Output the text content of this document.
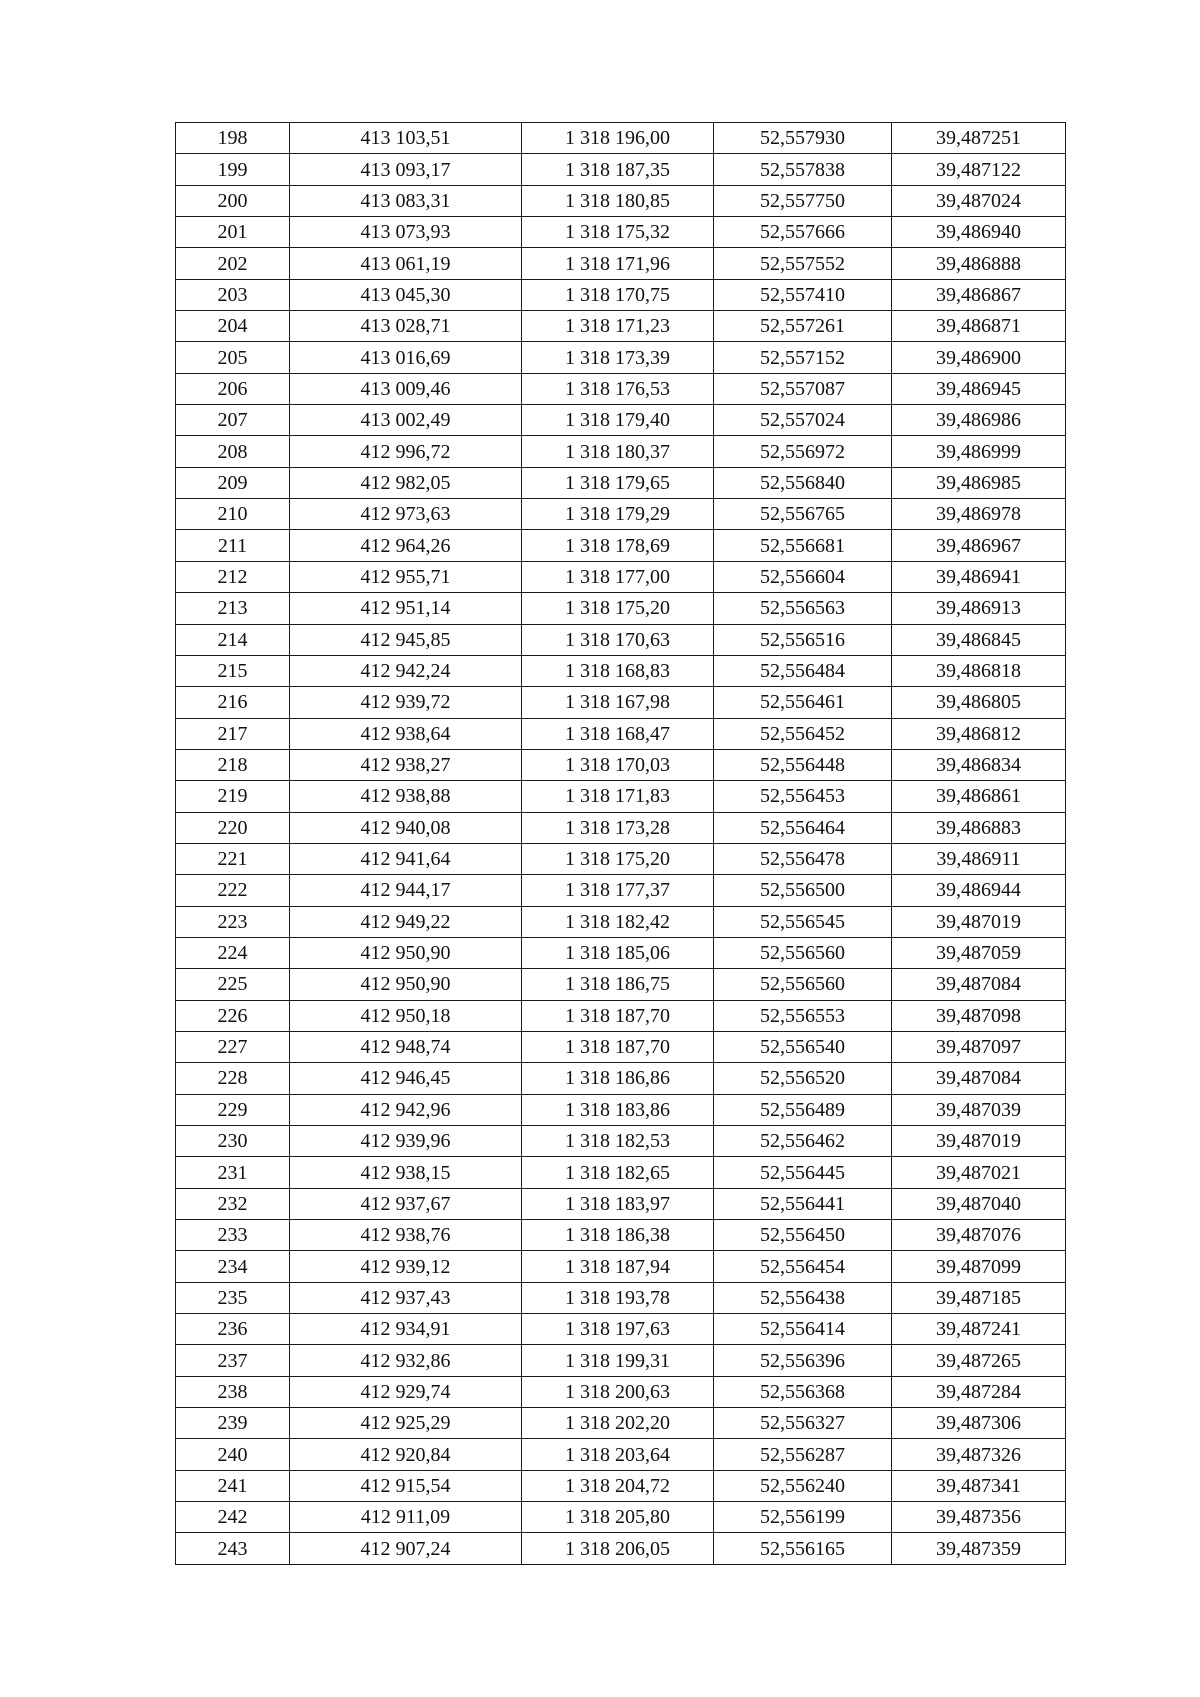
198	413 103,51	1 318 196,00	52,557930	39,487251
199	413 093,17	1 318 187,35	52,557838	39,487122
200	413 083,31	1 318 180,85	52,557750	39,487024
201	413 073,93	1 318 175,32	52,557666	39,486940
202	413 061,19	1 318 171,96	52,557552	39,486888
203	413 045,30	1 318 170,75	52,557410	39,486867
204	413 028,71	1 318 171,23	52,557261	39,486871
205	413 016,69	1 318 173,39	52,557152	39,486900
206	413 009,46	1 318 176,53	52,557087	39,486945
207	413 002,49	1 318 179,40	52,557024	39,486986
208	412 996,72	1 318 180,37	52,556972	39,486999
209	412 982,05	1 318 179,65	52,556840	39,486985
210	412 973,63	1 318 179,29	52,556765	39,486978
211	412 964,26	1 318 178,69	52,556681	39,486967
212	412 955,71	1 318 177,00	52,556604	39,486941
213	412 951,14	1 318 175,20	52,556563	39,486913
214	412 945,85	1 318 170,63	52,556516	39,486845
215	412 942,24	1 318 168,83	52,556484	39,486818
216	412 939,72	1 318 167,98	52,556461	39,486805
217	412 938,64	1 318 168,47	52,556452	39,486812
218	412 938,27	1 318 170,03	52,556448	39,486834
219	412 938,88	1 318 171,83	52,556453	39,486861
220	412 940,08	1 318 173,28	52,556464	39,486883
221	412 941,64	1 318 175,20	52,556478	39,486911
222	412 944,17	1 318 177,37	52,556500	39,486944
223	412 949,22	1 318 182,42	52,556545	39,487019
224	412 950,90	1 318 185,06	52,556560	39,487059
225	412 950,90	1 318 186,75	52,556560	39,487084
226	412 950,18	1 318 187,70	52,556553	39,487098
227	412 948,74	1 318 187,70	52,556540	39,487097
228	412 946,45	1 318 186,86	52,556520	39,487084
229	412 942,96	1 318 183,86	52,556489	39,487039
230	412 939,96	1 318 182,53	52,556462	39,487019
231	412 938,15	1 318 182,65	52,556445	39,487021
232	412 937,67	1 318 183,97	52,556441	39,487040
233	412 938,76	1 318 186,38	52,556450	39,487076
234	412 939,12	1 318 187,94	52,556454	39,487099
235	412 937,43	1 318 193,78	52,556438	39,487185
236	412 934,91	1 318 197,63	52,556414	39,487241
237	412 932,86	1 318 199,31	52,556396	39,487265
238	412 929,74	1 318 200,63	52,556368	39,487284
239	412 925,29	1 318 202,20	52,556327	39,487306
240	412 920,84	1 318 203,64	52,556287	39,487326
241	412 915,54	1 318 204,72	52,556240	39,487341
242	412 911,09	1 318 205,80	52,556199	39,487356
243	412 907,24	1 318 206,05	52,556165	39,487359
